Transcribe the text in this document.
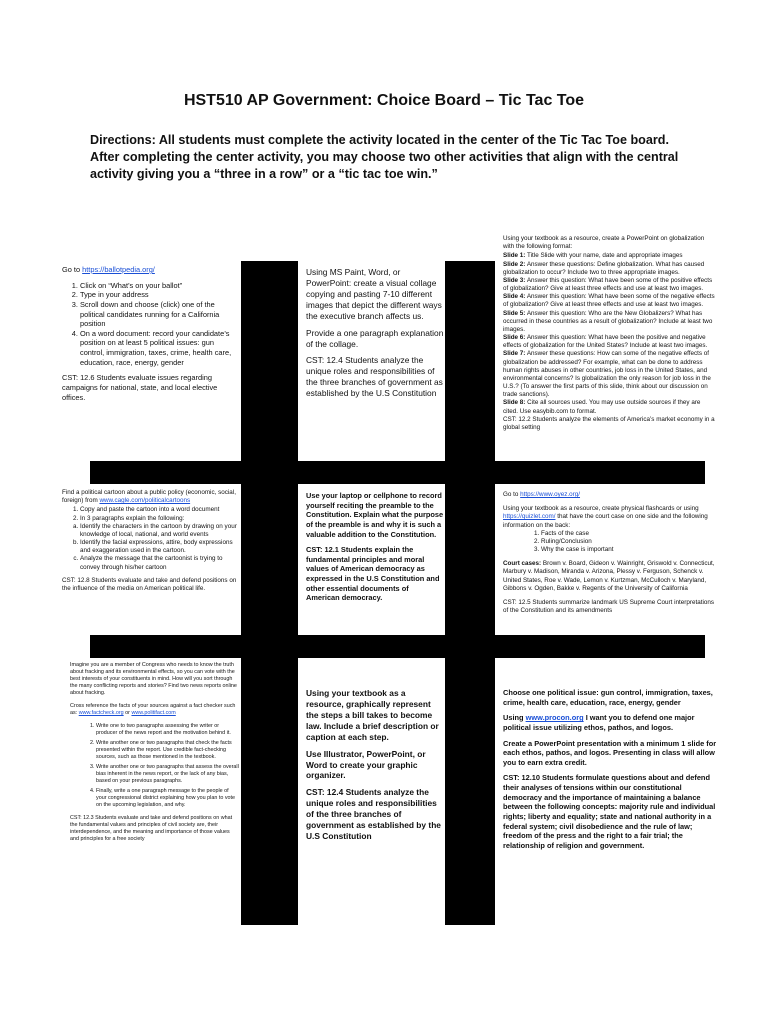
HST510 AP Government: Choice Board – Tic Tac Toe
Directions: All students must complete the activity located in the center of the Tic Tac Toe board. After completing the center activity, you may choose two other activities that align with the central activity giving you a “three in a row” or a “tic tac toe win.”

Go to https://ballotpedia.org/

1. Click on “What’s on your ballot”
2. Type in your address
3. Scroll down and choose (click) one of the political candidates running for a California position
4. On a word document: record your candidate’s position on at least 5 political issues: gun control, immigration, taxes, crime, health care, education, race, energy, gender

CST: 12.6 Students evaluate issues regarding campaigns for national, state, and local elective offices.

Using MS Paint, Word, or PowerPoint: create a visual collage copying and pasting 7-10 different images that depict the different ways the executive branch affects us.

Provide a one paragraph explanation of the collage.

CST: 12.4 Students analyze the unique roles and responsibilities of the three branches of government as established by the U.S Constitution

Using your textbook as a resource, create a PowerPoint on globalization with the following format:

Slide 1: Title Slide with your name, date and appropriate images
Slide 2: Answer these questions: Define globalization. What has caused globalization to occur? Include two to three appropriate images.
Slide 3: Answer this question: What have been some of the positive effects of globalization? Give at least three effects and use at least two images.
Slide 4: Answer this question: What have been some of the negative effects of globalization? Give at least three effects and use at least two images.
Slide 5: Answer this question: Who are the New Globalizers? What has occurred in these countries as a result of globalization? Include at least two images.
Slide 6: Answer this question: What have been the positive and negative effects of globalization for the United States? Include at least two images.
Slide 7: Answer these questions: How can some of the negative effects of globalization be addressed? For example, what can be done to address human rights abuses in other countries, job loss in the United States, and environmental concerns? Is globalization the only reason for job loss in the U.S.? (To answer the first parts of this slide, think about our discussion on trade sanctions).
Slide 8: Cite all sources used. You may use outside sources if they are cited. Use easybib.com to format.
CST: 12.2 Students analyze the elements of America’s market economy in a global setting

Find a political cartoon about a public policy (economic, social, foreign) from www.cagle.com/politicalcartoons

1. Copy and paste the cartoon into a word document
2. In 3 paragraphs explain the following:
a. Identify the characters in the cartoon by drawing on your knowledge of local, national, and world events
b. Identify the facial expressions, attire, body expressions and exaggeration used in the cartoon.
c. Analyze the message that the cartoonist is trying to convey through his/her cartoon

CST: 12.8 Students evaluate and take and defend positions on the influence of the media on American political life.

Use your laptop or cellphone to record yourself reciting the preamble to the Constitution. Explain what the purpose of the preamble is and why it is such a valuable addition to the Constitution.

CST: 12.1 Students explain the fundamental principles and moral values of American democracy as expressed in the U.S Constitution and other essential documents of American democracy.

Go to https://www.oyez.org/

Using your textbook as a resource, create physical flashcards or using https://quizlet.com/ that have the court case on one side and the following information on the back:

1. Facts of the case
2. Ruling/Conclusion
3. Why the case is important

Court cases: Brown v. Board, Gideon v. Wainright, Griswold v. Connecticut, Marbury v. Madison, Miranda v. Arizona, Plessy v. Ferguson, Schenck v. United States, Roe v. Wade, Lemon v. Kurtzman, McCulloch v. Maryland, Gibbons v. Ogden, Bakke v. Regents of the University of California

CST: 12.5 Students summarize landmark US Supreme Court interpretations of the Constitution and its amendments

Imagine you are a member of Congress who needs to know the truth about fracking and its environmental effects, so you can vote with the best interests of your constituents in mind. How will you sort through the many conflicting reports and stories? Find two news reports online about fracking.

Cross reference the facts of your sources against a fact checker such as: www.factcheck.org or www.politifact.com

1. Write one to two paragraphs assessing the writer or producer of the news report and the motivation behind it.
2. Write another one or two paragraphs that check the facts presented within the report. Use credible fact-checking sources, such as those mentioned in the textbook.
3. Write another one or two paragraphs that assess the overall bias inherent in the news report, or the lack of any bias, based on your previous paragraphs.
4. Finally, write a one paragraph message to the people of your congressional district explaining how you plan to vote on the upcoming legislation, and why.

CST: 12.3 Students evaluate and take and defend positions on what the fundamental values and principles of civil society are, their interdependence, and the meaning and importance of those values and principles for a free society

Using your textbook as a resource, graphically represent the steps a bill takes to become law. Include a brief description or caption at each step.

Use Illustrator, PowerPoint, or Word to create your graphic organizer.

CST: 12.4 Students analyze the unique roles and responsibilities of the three branches of government as established by the U.S Constitution

Choose one political issue: gun control, immigration, taxes, crime, health care, education, race, energy, gender

Using www.procon.org I want you to defend one major political issue utilizing ethos, pathos, and logos.

Create a PowerPoint presentation with a minimum 1 slide for each ethos, pathos, and logos. Presenting in class will allow you to earn extra credit.

CST: 12.10 Students formulate questions about and defend their analyses of tensions within our constitutional democracy and the importance of maintaining a balance between the following concepts: majority rule and individual rights; liberty and equality; state and national authority in a federal system; civil disobedience and the rule of law; freedom of the press and the right to a fair trial; the relationship of religion and government.
